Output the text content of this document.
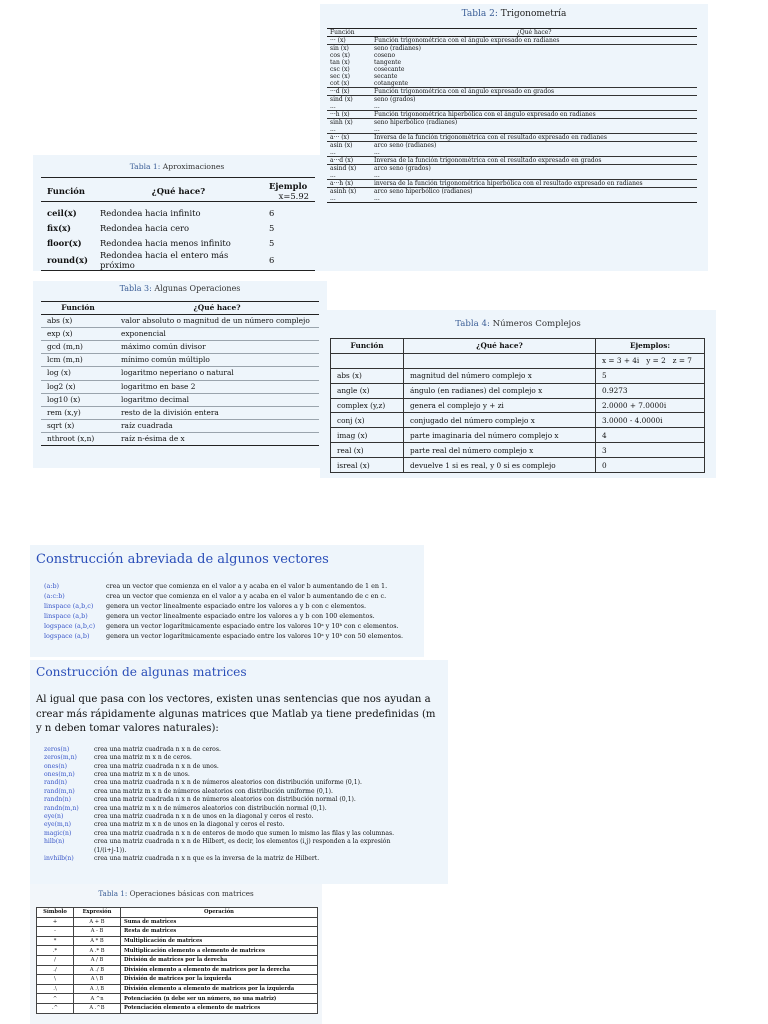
Tabla 2: Trigonometría
Función	¿Qué hace?
··· (x)	Función trigonométrica con el ángulo expresado en radianes
sin (x)	seno (radianes)
cos (x)	coseno
tan (x)	tangente
csc (x)	cosecante
sec (x)	secante
cot (x)	cotangente
···d (x)	Función trigonométrica con el ángulo expresado en grados
sind (x)	seno (grados)
...	...
···h (x)	Función trigonométrica hiperbólica con el ángulo expresado en radianes
sinh (x)	seno hiperbólico (radianes)
...	...
a··· (x)	Inversa de la función trigonométrica con el resultado expresado en radianes
asin (x)	arco seno (radianes)
...	...
a···d (x)	Inversa de la función trigonométrica con el resultado expresado en grados
asind (x)	arco seno (grados)
...	...
a···h (x)	inversa de la función trigonométrica hiperbólica con el resultado expresado en radianes
asinh (x)	arco seno hiperbólico (radianes)
...	...
Tabla 1: Aproximaciones
Función	¿Qué hace?	Ejemplo
x=5.92

ceil(x)	Redondea hacia infinito	6
fix(x)	Redondea hacia cero	5
floor(x)	Redondea hacia menos infinito	5
round(x)	Redondea hacia el entero más próximo	6
Tabla 3: Algunas Operaciones
Función	¿Qué hace?
abs (x)	valor absoluto o magnitud de un número complejo
exp (x)	exponencial
gcd (m,n)	máximo común divisor
lcm (m,n)	mínimo común múltiplo
log (x)	logaritmo neperiano o natural
log2 (x)	logaritmo en base 2
log10 (x)	logaritmo decimal
rem (x,y)	resto de la división entera
sqrt (x)	raíz cuadrada
nthroot (x,n)	raíz n-ésima de x
Tabla 4: Números Complejos
Función	¿Qué hace?	Ejemplos:
		x = 3 + 4i   y = 2   z = 7
abs (x)	magnitud del número complejo x	5
angle (x)	ángulo (en radianes) del complejo x	0.9273
complex (y,z)	genera el complejo y + zi	2.0000 + 7.0000i
conj (x)	conjugado del número complejo x	3.0000 - 4.0000i
imag (x)	parte imaginaria del número complejo x	4
real (x)	parte real del número complejo x	3
isreal (x)	devuelve 1 si es real, y 0 si es complejo	0
Construcción abreviada de algunos vectores
(a:b)	crea un vector que comienza en el valor a y acaba en el valor b aumentando de 1 en 1.
(a:c:b)	crea un vector que comienza en el valor a y acaba en el valor b aumentando de c en c.
linspace (a,b,c) genera un vector linealmente espaciado entre los valores a y b con c elementos.
linspace (a,b)	genera un vector linealmente espaciado entre los valores a y b con 100 elementos.
logspace (a,b,c) genera un vector logarítmicamente espaciado entre los valores 10ᵃ y 10ᵇ con c elementos.
logspace (a,b)	genera un vector logarítmicamente espaciado entre los valores 10ᵃ y 10ᵇ con 50 elementos.
Construcción de algunas matrices
Al igual que pasa con los vectores, existen unas sentencias que nos ayudan a crear más rápidamente algunas matrices que Matlab ya tiene predefinidas (m y n deben tomar valores naturales):
zeros(n)	crea una matriz cuadrada n x n de ceros.
zeros(m,n)	crea una matriz m x n de ceros.
ones(n)	crea una matriz cuadrada n x n de unos.
ones(m,n)	crea una matriz m x n de unos.
rand(n)	crea una matriz cuadrada n x n de números aleatorios con distribución uniforme (0,1).
rand(m,n)	crea una matriz m x n de números aleatorios con distribución uniforme (0,1).
randn(n)	crea una matriz cuadrada n x n de números aleatorios con distribución normal (0,1).
randn(m,n)	crea una matriz m x n de números aleatorios con distribución normal (0,1).
eye(n)	crea una matriz cuadrada n x n de unos en la diagonal y ceros el resto.
eye(m,n)	crea una matriz m x n de unos en la diagonal y ceros el resto.
magic(n)	crea una matriz cuadrada n x n de enteros de modo que sumen lo mismo las filas y las columnas.
hilb(n)	crea una matriz cuadrada n x n de Hilbert, es decir, los elementos (i,j) responden a la expresión
(1/(i+j-1)).
invhilb(n)	crea una matriz cuadrada n x n que es la inversa de la matriz de Hilbert.
Tabla 1: Operaciones básicas con matrices
Símbolo	Expresión	Operación
+	A + B	Suma de matrices
-	A - B	Resta de matrices
*	A * B	Multiplicación de matrices
.*	A .* B	Multiplicación elemento a elemento de matrices
/	A / B	División de matrices por la derecha
./	A ./ B	División elemento a elemento de matrices por la derecha
\	A \ B	División de matrices por la izquierda
.\	A .\ B	División elemento a elemento de matrices por la izquierda
^	A ^n	Potenciación (n debe ser un número, no una matriz)
.^	A .^B	Potenciación elemento a elemento de matrices
